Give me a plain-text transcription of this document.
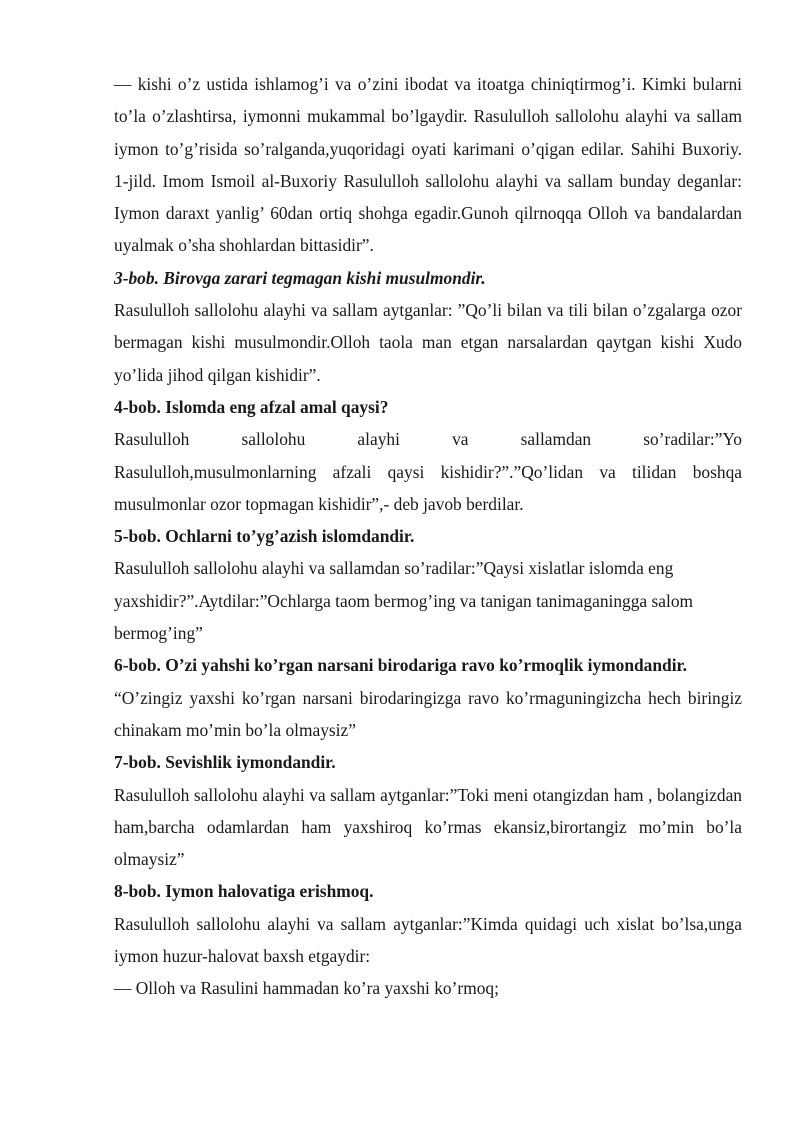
— kishi o’z ustida ishlamog’i va o’zini ibodat va itoatga chiniqtirmog’i. Kimki bularni to’la o’zlashtirsa, iymonni mukammal bo’lgaydir. Rasululloh sallolohu alayhi va sallam iymon to’g’risida so’ralganda,yuqoridagi oyati karimani o’qigan edilar. Sahihi Buxoriy. 1-jild. Imom Ismoil al-Buxoriy Rasululloh sallolohu alayhi va sallam bunday deganlar: Iymon daraxt yanlig’ 60dan ortiq shohga egadir.Gunoh qilrnoqqa Olloh va bandalardan uyalmak o’sha shohlardan bittasidir”.

3-bob. Birovga zarari tegmagan kishi musulmondir.

Rasululloh sallolohu alayhi va sallam aytganlar: ”Qo’li bilan va tili bilan o’zgalarga ozor bermagan kishi musulmondir.Olloh taola man etgan narsalardan qaytgan kishi Xudo yo’lida jihod qilgan kishidir”.

4-bob. Islomda eng afzal amal qaysi?

Rasululloh	sallolohu	alayhi	va	sallamdan	so’radilar:”Yo

Rasululloh,musulmonlarning afzali qaysi kishidir?”.”Qo’lidan va tilidan boshqa musulmonlar ozor topmagan kishidir”,- deb javob berdilar.

5-bob. Ochlarni to’yg’azish islomdandir.

Rasululloh sallolohu alayhi va sallamdan so’radilar:”Qaysi xislatlar islomda eng

yaxshidir?”.Aytdilar:”Ochlarga taom bermog’ing va tanigan tanimaganingga salom

bermog’ing”

6-bob. O’zi yahshi ko’rgan narsani birodariga ravo ko’rmoqlik iymondandir.

“O’zingiz yaxshi ko’rgan narsani birodaringizga ravo ko’rmaguningizcha hech biringiz chinakam mo’min bo’la olmaysiz”

7-bob. Sevishlik iymondandir.

Rasululloh sallolohu alayhi va sallam aytganlar:”Toki meni otangizdan ham , bolangizdan ham,barcha odamlardan ham yaxshiroq ko’rmas ekansiz,birortangiz mo’min bo’la olmaysiz”

8-bob. Iymon halovatiga erishmoq.

Rasululloh sallolohu alayhi va sallam aytganlar:”Kimda quidagi uch xislat bo’lsa,unga iymon huzur-halovat baxsh etgaydir:

— Olloh va Rasulini hammadan ko’ra yaxshi ko’rmoq;
